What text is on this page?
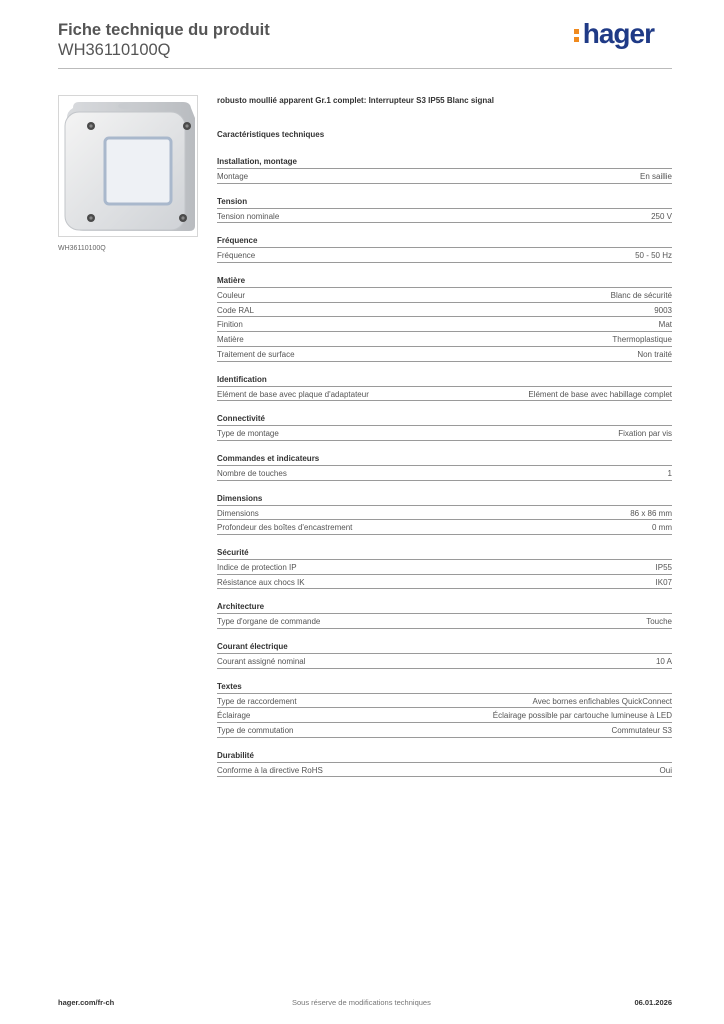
Fiche technique du produit
WH36110100Q
hager
WH36110100Q
robusto moullié apparent Gr.1 complet: Interrupteur S3 IP55 Blanc signal
Caractéristiques techniques
Installation, montage
Montage	En saillie
Tension
Tension nominale	250 V
Fréquence
Fréquence	50 - 50 Hz
Matière
Couleur	Blanc de sécurité
Code RAL	9003
Finition	Mat
Matière	Thermoplastique
Traitement de surface	Non traité
Identification
Elément de base avec plaque d'adaptateur	Elément de base avec habillage complet
Connectivité
Type de montage	Fixation par vis
Commandes et indicateurs
Nombre de touches	1
Dimensions
Dimensions	86 x 86 mm
Profondeur des boîtes d'encastrement	0 mm
Sécurité
Indice de protection IP	IP55
Résistance aux chocs IK	IK07
Architecture
Type d'organe de commande	Touche
Courant électrique
Courant assigné nominal	10 A
Textes
Type de raccordement	Avec bornes enfichables QuickConnect
Éclairage	Éclairage possible par cartouche lumineuse à LED
Type de commutation	Commutateur S3
Durabilité
Conforme à la directive RoHS	Oui
hager.com/fr-ch	Sous réserve de modifications techniques	06.01.2026
